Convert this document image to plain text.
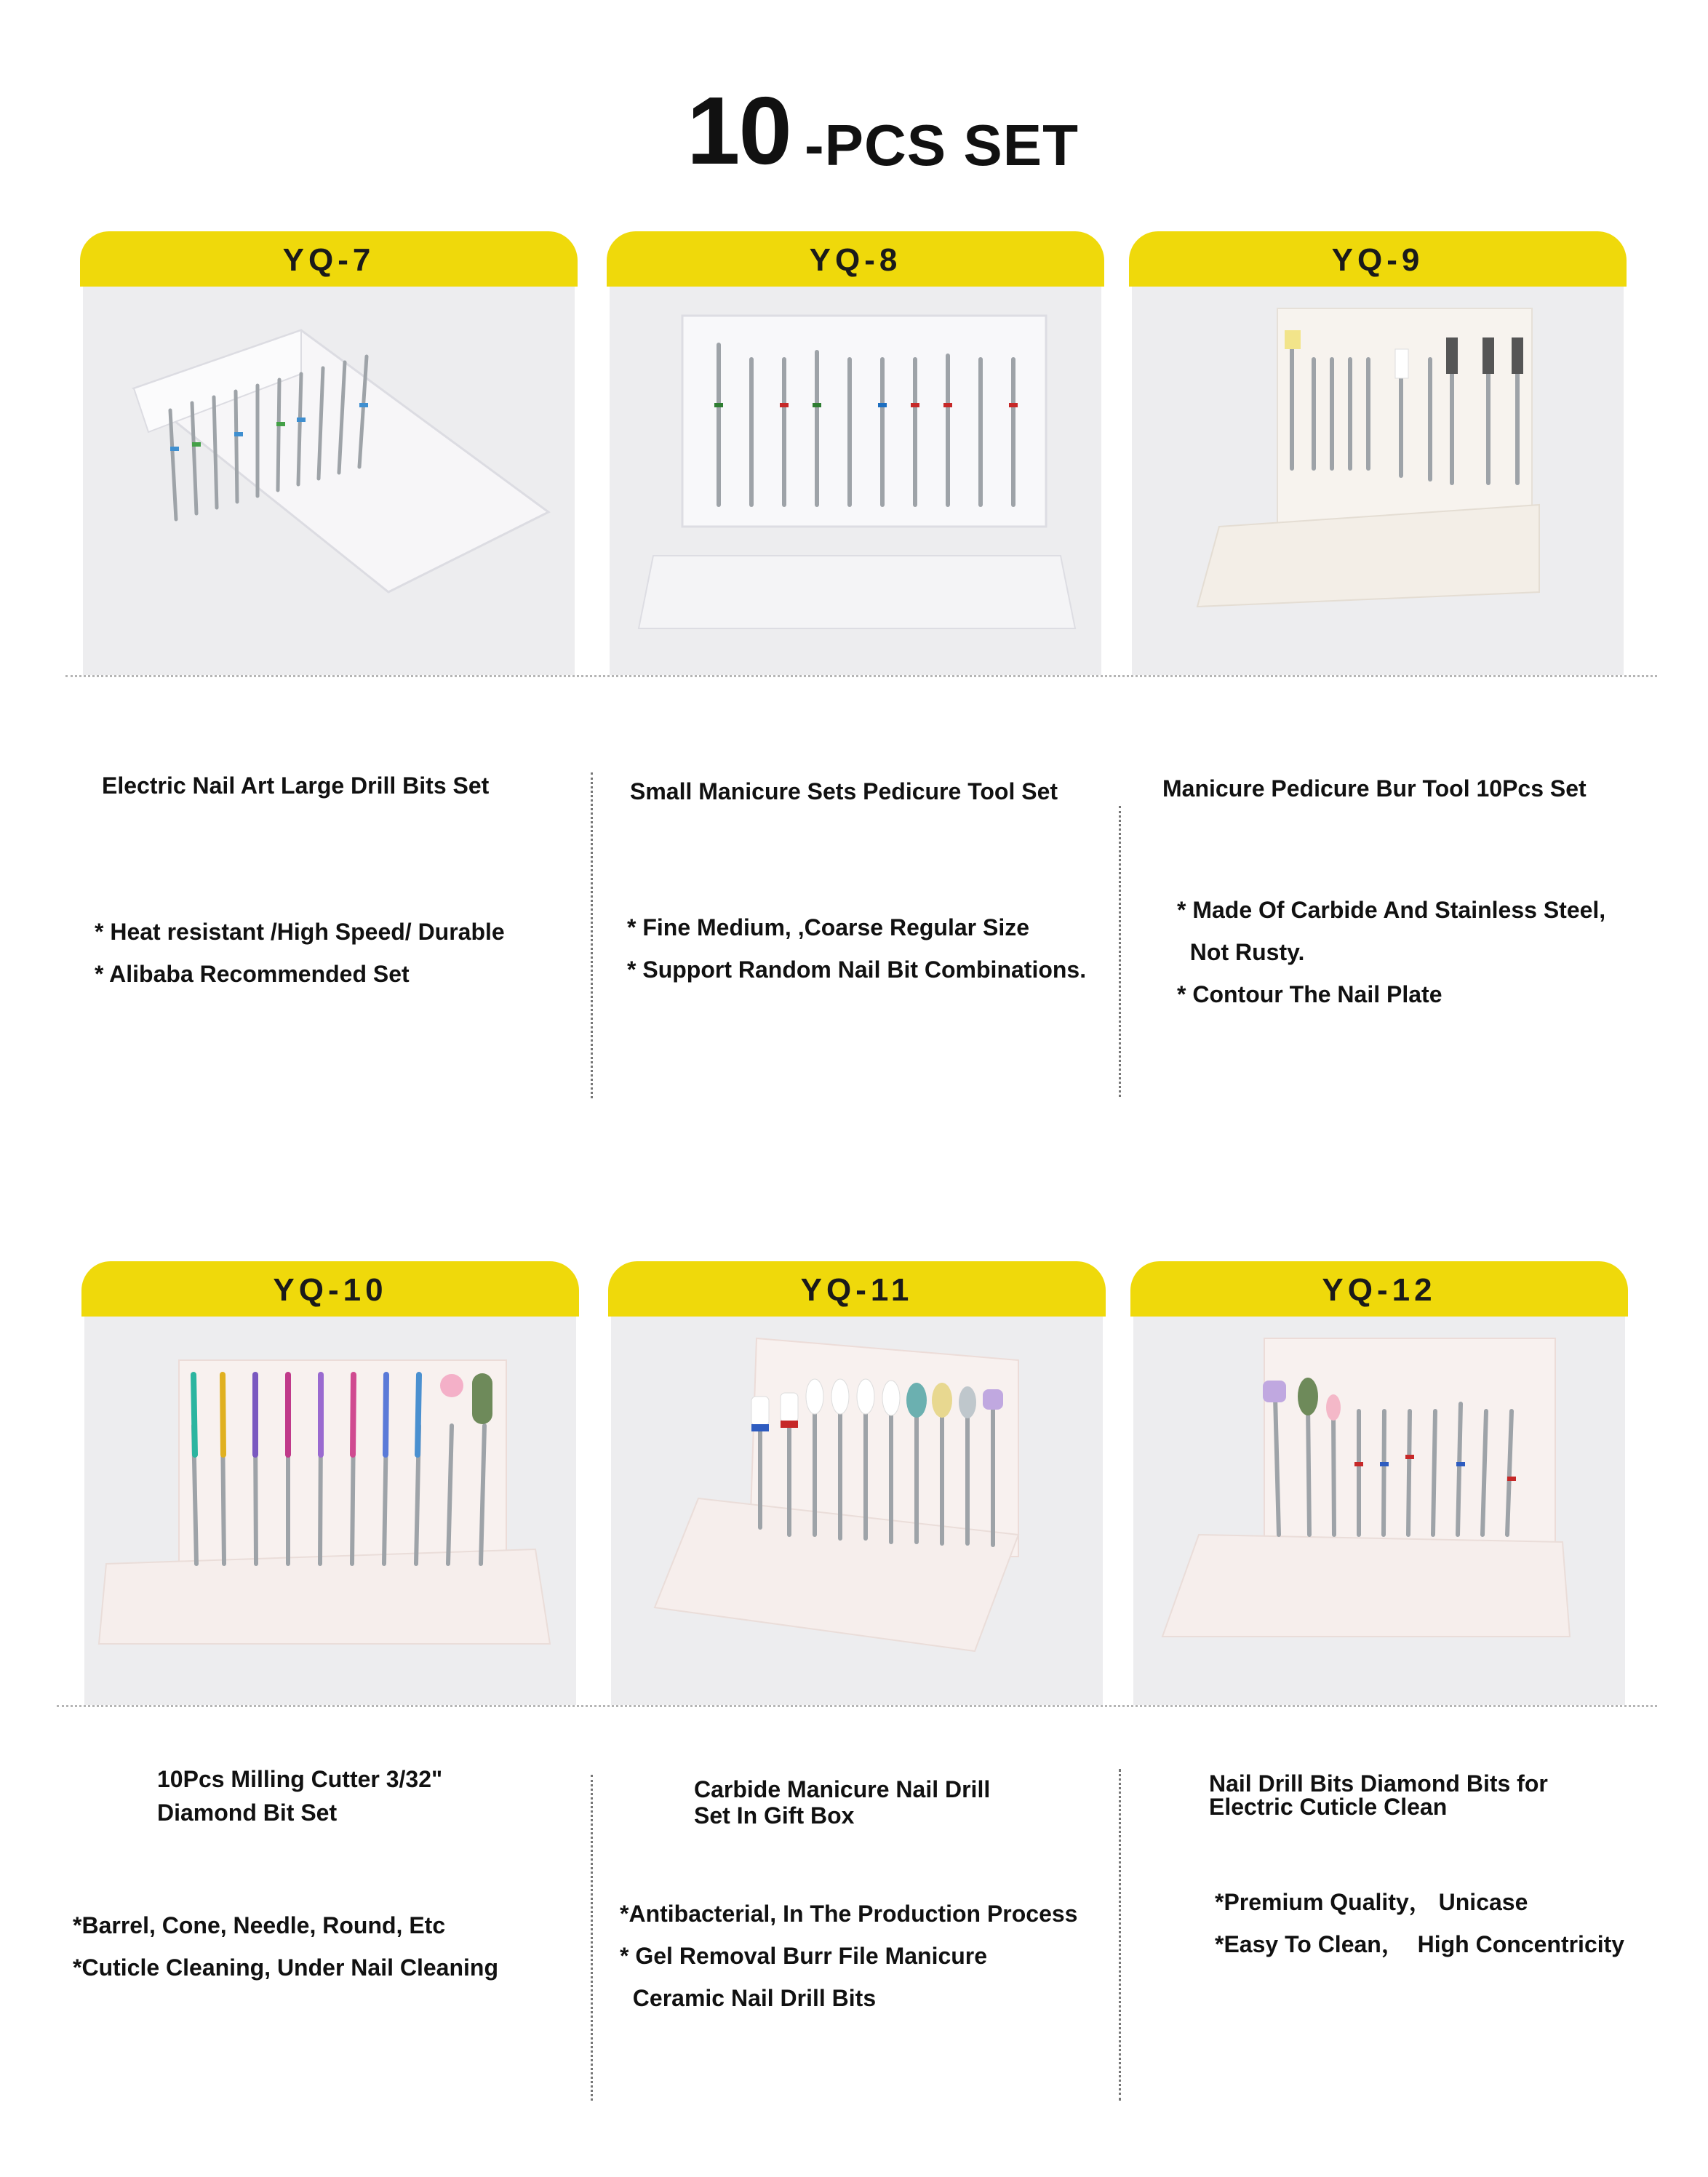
10 -PCS SET
YQ-7	YQ-8	YQ-9
Electric Nail Art Large Drill Bits Set
* Heat resistant /High Speed/ Durable
* Alibaba Recommended Set
Small Manicure Sets Pedicure Tool Set
* Fine Medium, ,Coarse Regular Size
* Support Random Nail Bit Combinations.
Manicure Pedicure Bur Tool 10Pcs Set
* Made Of Carbide And Stainless Steel,
Not Rusty.
* Contour The Nail Plate
YQ-10	YQ-11	YQ-12
10Pcs Milling Cutter 3/32"
Diamond Bit Set
*Barrel, Cone, Needle, Round, Etc
*Cuticle Cleaning, Under Nail Cleaning
Carbide Manicure Nail Drill
Set In Gift Box
*Antibacterial, In The Production Process
* Gel Removal Burr File Manicure
Ceramic Nail Drill Bits
Nail Drill Bits Diamond Bits for
Electric Cuticle Clean
*Premium Quality， Unicase
*Easy To Clean，  High Concentricity
